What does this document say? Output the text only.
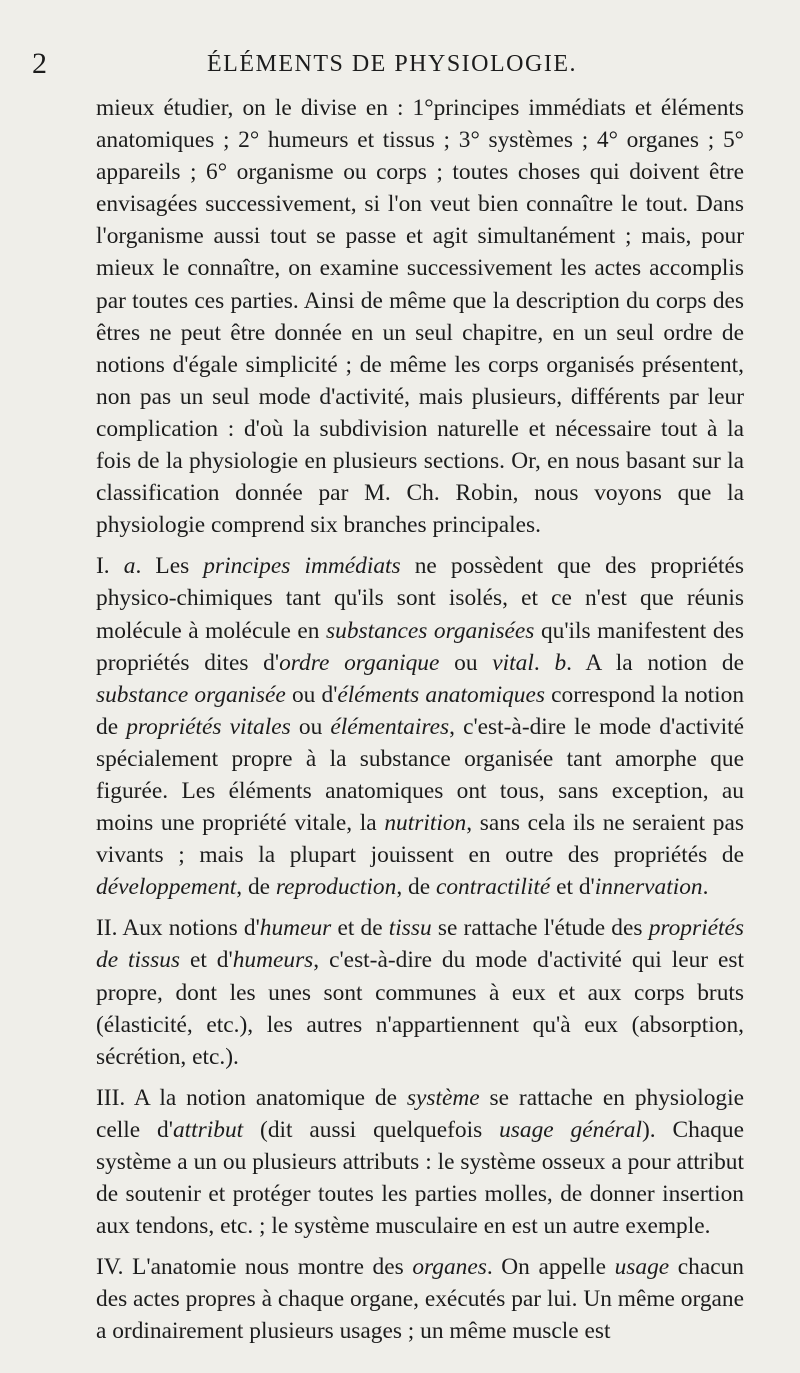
2	ÉLÉMENTS DE PHYSIOLOGIE.

mieux étudier, on le divise en : 1°principes immédiats et éléments anatomiques ; 2° humeurs et tissus ; 3° systèmes ; 4° organes ; 5° appareils ; 6° organisme ou corps ; toutes choses qui doivent être envisagées successivement, si l'on veut bien connaître le tout. Dans l'organisme aussi tout se passe et agit simultanément ; mais, pour mieux le connaître, on examine successivement les actes accomplis par toutes ces parties. Ainsi de même que la description du corps des êtres ne peut être donnée en un seul chapitre, en un seul ordre de notions d'égale simplicité ; de même les corps organisés présentent, non pas un seul mode d'activité, mais plusieurs, différents par leur complication : d'où la subdivision naturelle et nécessaire tout à la fois de la physiologie en plusieurs sections. Or, en nous basant sur la classification donnée par M. Ch. Robin, nous voyons que la physiologie comprend six branches principales.

I. a. Les principes immédiats ne possèdent que des propriétés physico-chimiques tant qu'ils sont isolés, et ce n'est que réunis molécule à molécule en substances organisées qu'ils manifestent des propriétés dites d'ordre organique ou vital. b. A la notion de substance organisée ou d'éléments anatomiques correspond la notion de propriétés vitales ou élémentaires, c'est-à-dire le mode d'activité spécialement propre à la substance organisée tant amorphe que figurée. Les éléments anatomiques ont tous, sans exception, au moins une propriété vitale, la nutrition, sans cela ils ne seraient pas vivants ; mais la plupart jouissent en outre des propriétés de développement, de reproduction, de contractilité et d'innervation.

II. Aux notions d'humeur et de tissu se rattache l'étude des propriétés de tissus et d'humeurs, c'est-à-dire du mode d'activité qui leur est propre, dont les unes sont communes à eux et aux corps bruts (élasticité, etc.), les autres n'appartiennent qu'à eux (absorption, sécrétion, etc.).

III. A la notion anatomique de système se rattache en physiologie celle d'attribut (dit aussi quelquefois usage général). Chaque système a un ou plusieurs attributs : le système osseux a pour attribut de soutenir et protéger toutes les parties molles, de donner insertion aux tendons, etc. ; le système musculaire en est un autre exemple.

IV. L'anatomie nous montre des organes. On appelle usage chacun des actes propres à chaque organe, exécutés par lui. Un même organe a ordinairement plusieurs usages ; un même muscle est
